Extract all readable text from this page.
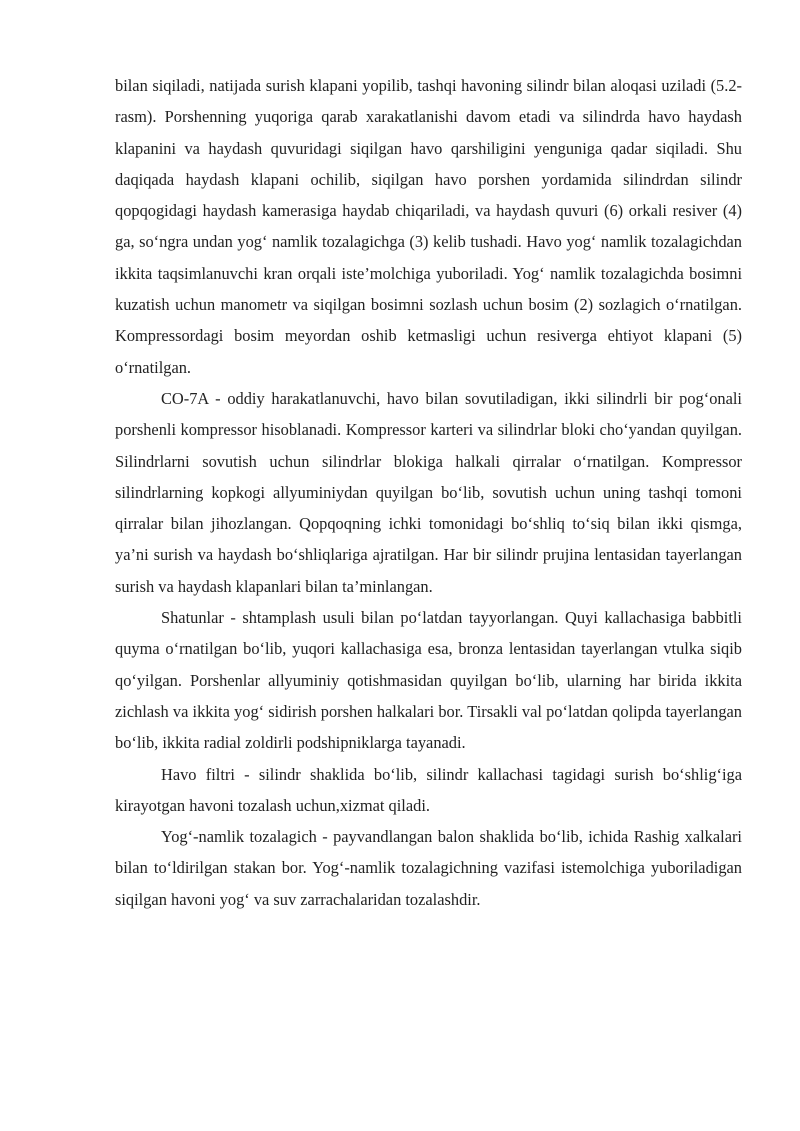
bilan siqiladi, natijada surish klapani yopilib, tashqi havoning silindr bilan aloqasi uziladi (5.2-rasm). Porshenning yuqoriga qarab xarakatlanishi davom etadi va silindrda havo haydash klapanini va haydash quvuridagi siqilgan havo qarshiligini yenguniga qadar siqiladi. Shu daqiqada haydash klapani ochilib, siqilgan havo porshen yordamida silindrdan silindr qopqogidagi haydash kamerasiga haydab chiqariladi, va haydash quvuri (6) orkali resiver (4) ga, so‘ngra undan yog‘ namlik tozalagichga (3) kelib tushadi. Havo yog‘ namlik tozalagichdan ikkita taqsimlanuvchi kran orqali iste’molchiga yuboriladi. Yog‘ namlik tozalagichda bosimni kuzatish uchun manometr va siqilgan bosimni sozlash uchun bosim (2) sozlagich o‘rnatilgan. Kompressordagi bosim meyordan oshib ketmasligi uchun resiverga ehtiyot klapani (5) o‘rnatilgan.

CO-7A - oddiy harakatlanuvchi, havo bilan sovutiladigan, ikki silindrli bir pog‘onali porshenli kompressor hisoblanadi. Kompressor karteri va silindrlar bloki cho‘yandan quyilgan. Silindrlarni sovutish uchun silindrlar blokiga halkali qirralar o‘rnatilgan. Kompressor silindrlarning kopkogi allyuminiydan quyilgan bo‘lib, sovutish uchun uning tashqi tomoni qirralar bilan jihozlangan. Qopqoqning ichki tomonidagi bo‘shliq to‘siq bilan ikki qismga, ya’ni surish va haydash bo‘shliqlariga ajratilgan. Har bir silindr prujina lentasidan tayerlangan surish va haydash klapanlari bilan ta’minlangan.

Shatunlar - shtamplash usuli bilan po‘latdan tayyorlangan. Quyi kallachasiga babbitli quyma o‘rnatilgan bo‘lib, yuqori kallachasiga esa, bronza lentasidan tayerlangan vtulka siqib qo‘yilgan. Porshenlar allyuminiy qotishmasidan quyilgan bo‘lib, ularning har birida ikkita zichlash va ikkita yog‘ sidirish porshen halkalari bor. Tirsakli val po‘latdan qolipda tayerlangan bo‘lib, ikkita radial zoldirli podshipniklarga tayanadi.

Havo filtri - silindr shaklida bo‘lib, silindr kallachasi tagidagi surish bo‘shlig‘iga kirayotgan havoni tozalash uchun,xizmat qiladi.

Yog‘-namlik tozalagich - payvandlangan balon shaklida bo‘lib, ichida Rashig xalkalari bilan to‘ldirilgan stakan bor. Yog‘-namlik tozalagichning vazifasi istemolchiga yuboriladigan siqilgan havoni yog‘ va suv zarrachalaridan tozalashdir.
